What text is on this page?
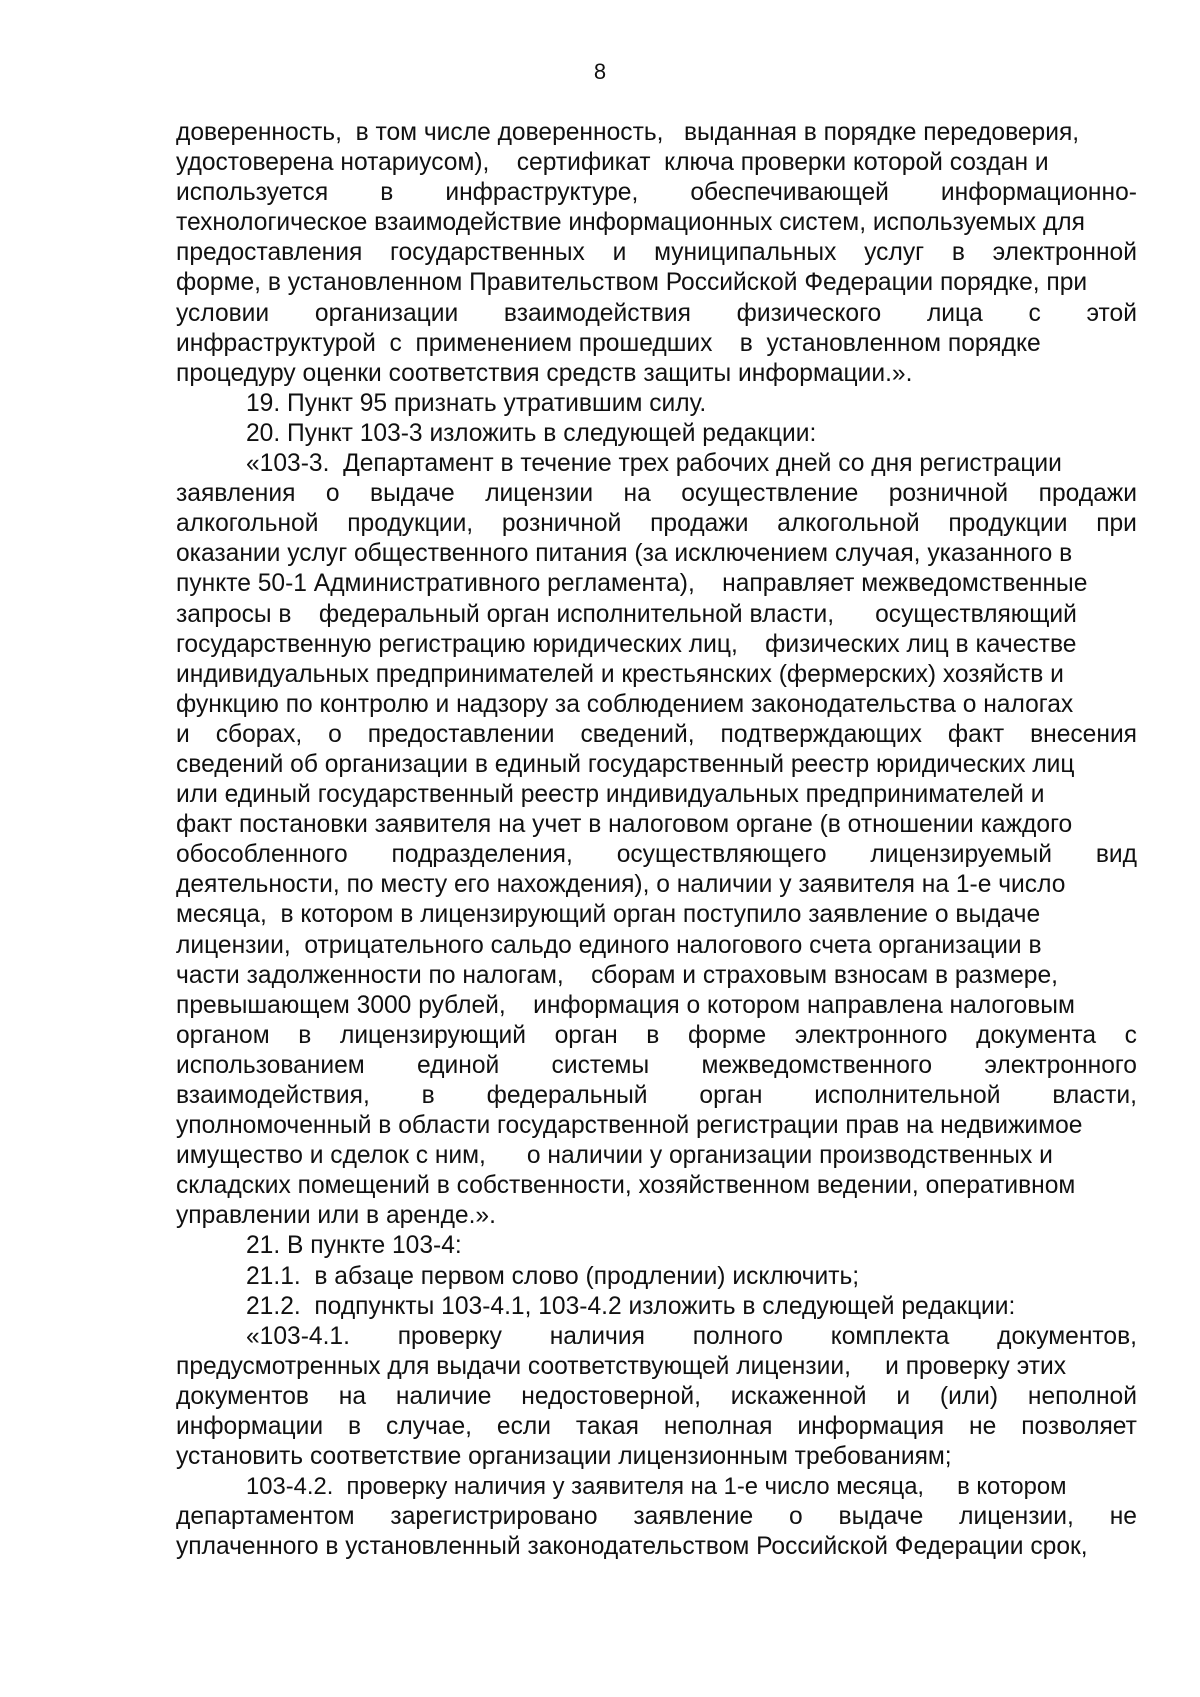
8
доверенность,  в том числе доверенность,   выданная в порядке передоверия,
удостоверена нотариусом),    сертификат  ключа проверки которой создан и
используется в инфраструктуре, обеспечивающей информационно-
технологическое взаимодействие информационных систем, используемых для
предоставления государственных и муниципальных услуг в электронной
форме, в установленном Правительством Российской Федерации порядке, при
условии организации взаимодействия физического лица с этой
инфраструктурой  с  применением прошедших    в  установленном порядке
процедуру оценки соответствия средств защиты информации.».
19. Пункт 95 признать утратившим силу.
20. Пункт 103-3 изложить в следующей редакции:
«103-3.  Департамент в течение трех рабочих дней со дня регистрации
заявления о выдаче лицензии на осуществление розничной продажи
алкогольной продукции, розничной продажи алкогольной продукции при
оказании услуг общественного питания (за исключением случая, указанного в
пункте 50-1 Административного регламента),    направляет межведомственные
запросы в    федеральный орган исполнительной власти,      осуществляющий
государственную регистрацию юридических лиц,    физических лиц в качестве
индивидуальных предпринимателей и крестьянских (фермерских) хозяйств и
функцию по контролю и надзору за соблюдением законодательства о налогах
и сборах, о предоставлении сведений, подтверждающих факт внесения
сведений об организации в единый государственный реестр юридических лиц
или единый государственный реестр индивидуальных предпринимателей и
факт постановки заявителя на учет в налоговом органе (в отношении каждого
обособленного подразделения, осуществляющего лицензируемый вид
деятельности, по месту его нахождения), о наличии у заявителя на 1-е число
месяца,  в котором в лицензирующий орган поступило заявление о выдаче
лицензии,  отрицательного сальдо единого налогового счета организации в
части задолженности по налогам,    сборам и страховым взносам в размере,
превышающем 3000 рублей,    информация о котором направлена налоговым
органом в лицензирующий орган в форме электронного документа с
использованием единой системы межведомственного электронного
взаимодействия, в федеральный орган исполнительной власти,
уполномоченный в области государственной регистрации прав на недвижимое
имущество и сделок с ним,      о наличии у организации производственных и
складских помещений в собственности, хозяйственном ведении, оперативном
управлении или в аренде.».
21. В пункте 103-4:
21.1.  в абзаце первом слово (продлении) исключить;
21.2.  подпункты 103-4.1, 103-4.2 изложить в следующей редакции:
«103-4.1. проверку наличия полного комплекта документов,
предусмотренных для выдачи соответствующей лицензии,     и проверку этих
документов на наличие недостоверной, искаженной и (или) неполной
информации в случае, если такая неполная информация не позволяет
установить соответствие организации лицензионным требованиям;
103-4.2.  проверку наличия у заявителя на 1-е число месяца,     в котором
департаментом зарегистрировано заявление о выдаче лицензии, не
уплаченного в установленный законодательством Российской Федерации срок,
